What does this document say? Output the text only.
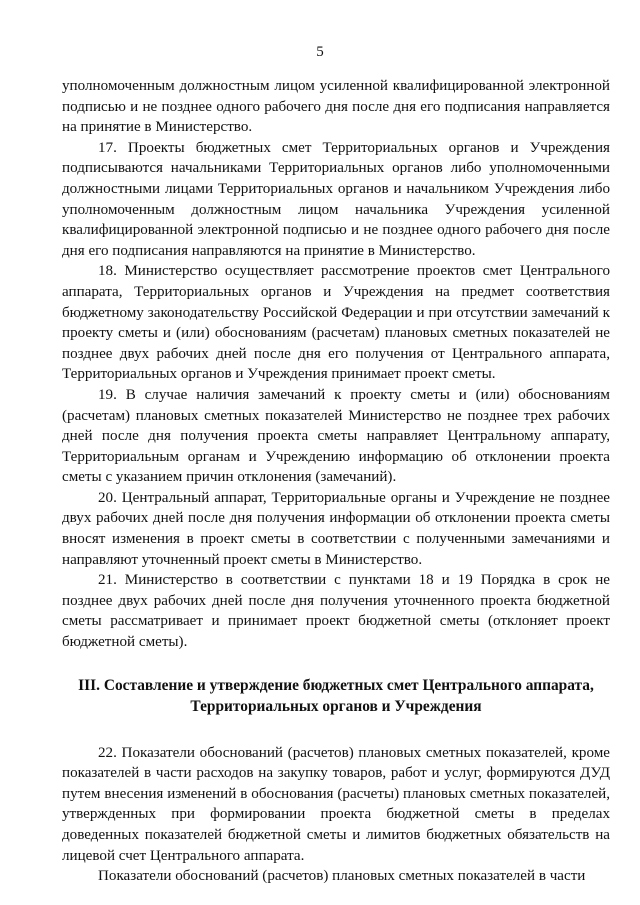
5

уполномоченным должностным лицом усиленной квалифицированной электронной подписью и не позднее одного рабочего дня после дня его подписания направляется на принятие в Министерство.

17. Проекты бюджетных смет Территориальных органов и Учреждения подписываются начальниками Территориальных органов либо уполномоченными должностными лицами Территориальных органов и начальником Учреждения либо уполномоченным должностным лицом начальника Учреждения усиленной квалифицированной электронной подписью и не позднее одного рабочего дня после дня его подписания направляются на принятие в Министерство.

18. Министерство осуществляет рассмотрение проектов смет Центрального аппарата, Территориальных органов и Учреждения на предмет соответствия бюджетному законодательству Российской Федерации и при отсутствии замечаний к проекту сметы и (или) обоснованиям (расчетам) плановых сметных показателей не позднее двух рабочих дней после дня его получения от Центрального аппарата, Территориальных органов и Учреждения принимает проект сметы.

19. В случае наличия замечаний к проекту сметы и (или) обоснованиям (расчетам) плановых сметных показателей Министерство не позднее трех рабочих дней после дня получения проекта сметы направляет Центральному аппарату, Территориальным органам и Учреждению информацию об отклонении проекта сметы с указанием причин отклонения (замечаний).

20. Центральный аппарат, Территориальные органы и Учреждение не позднее двух рабочих дней после дня получения информации об отклонении проекта сметы вносят изменения в проект сметы в соответствии с полученными замечаниями и направляют уточненный проект сметы в Министерство.

21. Министерство в соответствии с пунктами 18 и 19 Порядка в срок не позднее двух рабочих дней после дня получения уточненного проекта бюджетной сметы рассматривает и принимает проект бюджетной сметы (отклоняет проект бюджетной сметы).

III. Составление и утверждение бюджетных смет Центрального аппарата,
Территориальных органов и Учреждения

22. Показатели обоснований (расчетов) плановых сметных показателей, кроме показателей в части расходов на закупку товаров, работ и услуг, формируются ДУД путем внесения изменений в обоснования (расчеты) плановых сметных показателей, утвержденных при формировании проекта бюджетной сметы в пределах доведенных показателей бюджетной сметы и лимитов бюджетных обязательств на лицевой счет Центрального аппарата.

Показатели обоснований (расчетов) плановых сметных показателей в части
